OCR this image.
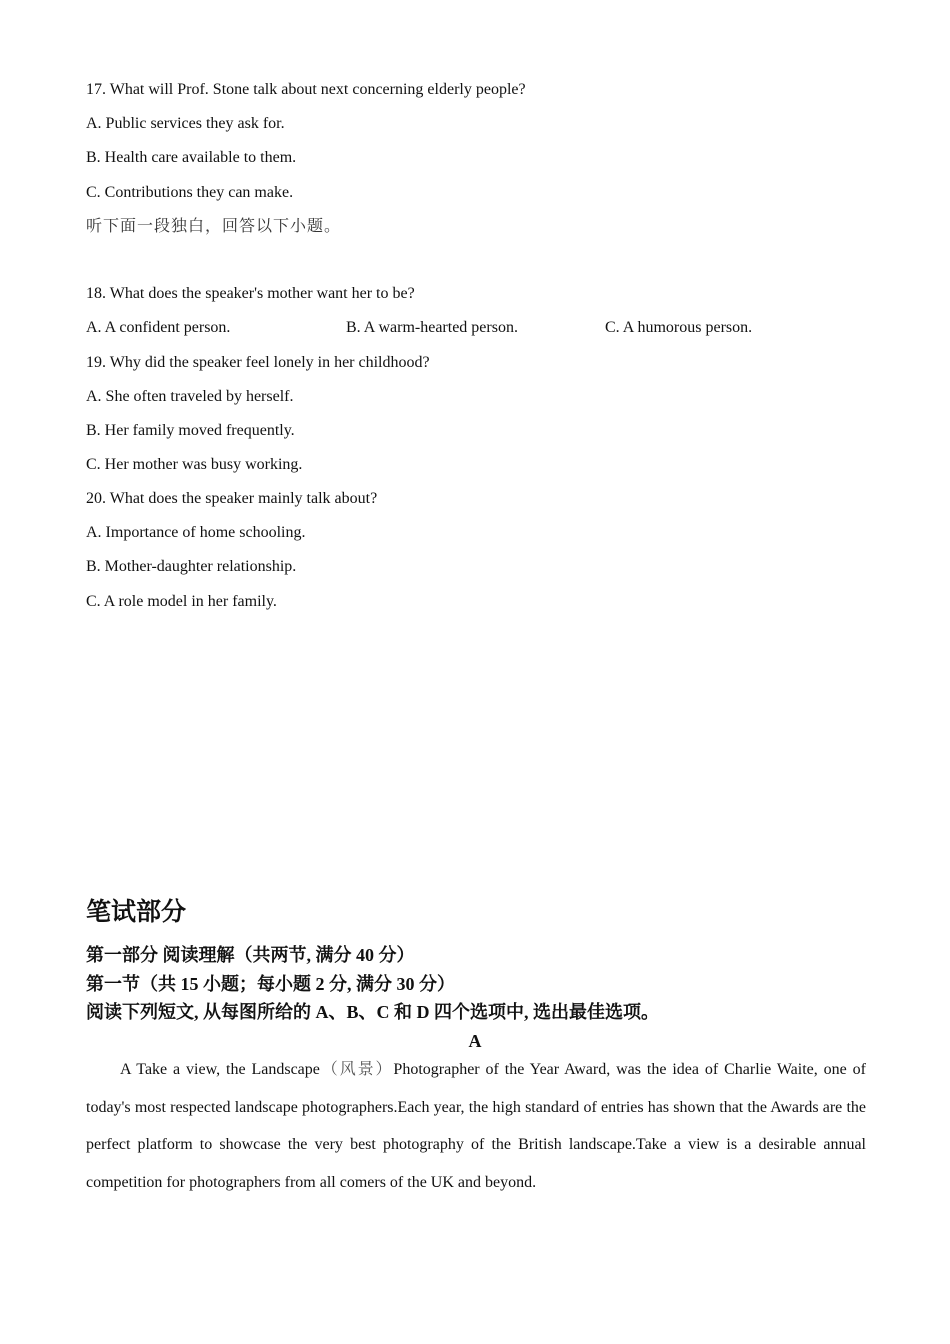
17. What will Prof. Stone talk about next concerning elderly people?
A. Public services they ask for.
B. Health care available to them.
C. Contributions they can make.
听下面一段独白，回答以下小题。
18. What does the speaker's mother want her to be?
A. A confident person.	B. A warm-hearted person.	C. A humorous person.
19. Why did the speaker feel lonely in her childhood?
A. She often traveled by herself.
B. Her family moved frequently.
C. Her mother was busy working.
20. What does the speaker mainly talk about?
A. Importance of home schooling.
B. Mother-daughter relationship.
C. A role model in her family.
笔试部分
第一部分 阅读理解（共两节, 满分 40 分）
第一节（共 15 小题；每小题 2 分, 满分 30 分）
阅读下列短文, 从每图所给的 A、B、C 和 D 四个选项中, 选出最佳选项。
A
A Take a view, the Landscape（风景）Photographer of the Year Award, was the idea of Charlie Waite, one of today's most respected landscape photographers.Each year, the high standard of entries has shown that the Awards are the perfect platform to showcase the very best photography of the British landscape.Take a view is a desirable annual competition for photographers from all comers of the UK and beyond.
